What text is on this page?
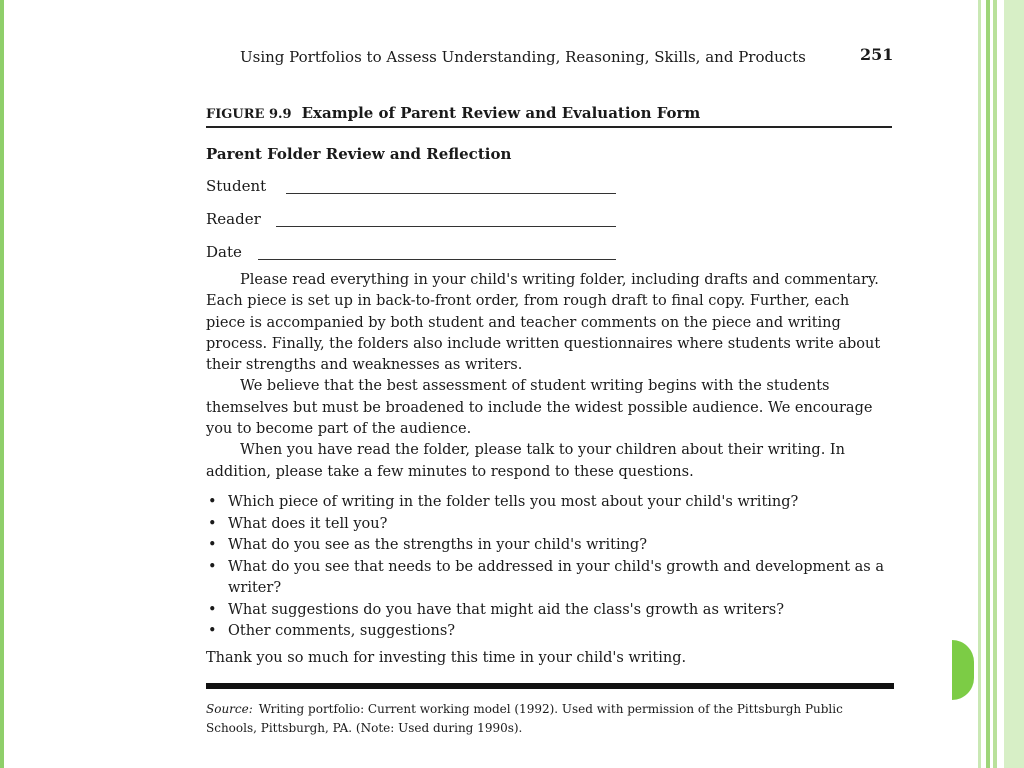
Using Portfolios to Assess Understanding, Reasoning, Skills, and Products	251
FIGURE 9.9 Example of Parent Review and Evaluation Form
Parent Folder Review and Reflection
Student
Reader
Date

Please read everything in your child's writing folder, including drafts and commentary. Each piece is set up in back-to-front order, from rough draft to final copy. Further, each piece is accompanied by both student and teacher comments on the piece and writing process. Finally, the folders also include written questionnaires where students write about their strengths and weaknesses as writers.

We believe that the best assessment of student writing begins with the students themselves but must be broadened to include the widest possible audience. We encourage you to become part of the audience.

When you have read the folder, please talk to your children about their writing. In addition, please take a few minutes to respond to these questions.

• Which piece of writing in the folder tells you most about your child's writing?
• What does it tell you?
• What do you see as the strengths in your child's writing?
• What do you see that needs to be addressed in your child's growth and development as a writer?
• What suggestions do you have that might aid the class's growth as writers?
• Other comments, suggestions?
Thank you so much for investing this time in your child's writing.
Source: Writing portfolio: Current working model (1992). Used with permission of the Pittsburgh Public Schools, Pittsburgh, PA. (Note: Used during 1990s).
